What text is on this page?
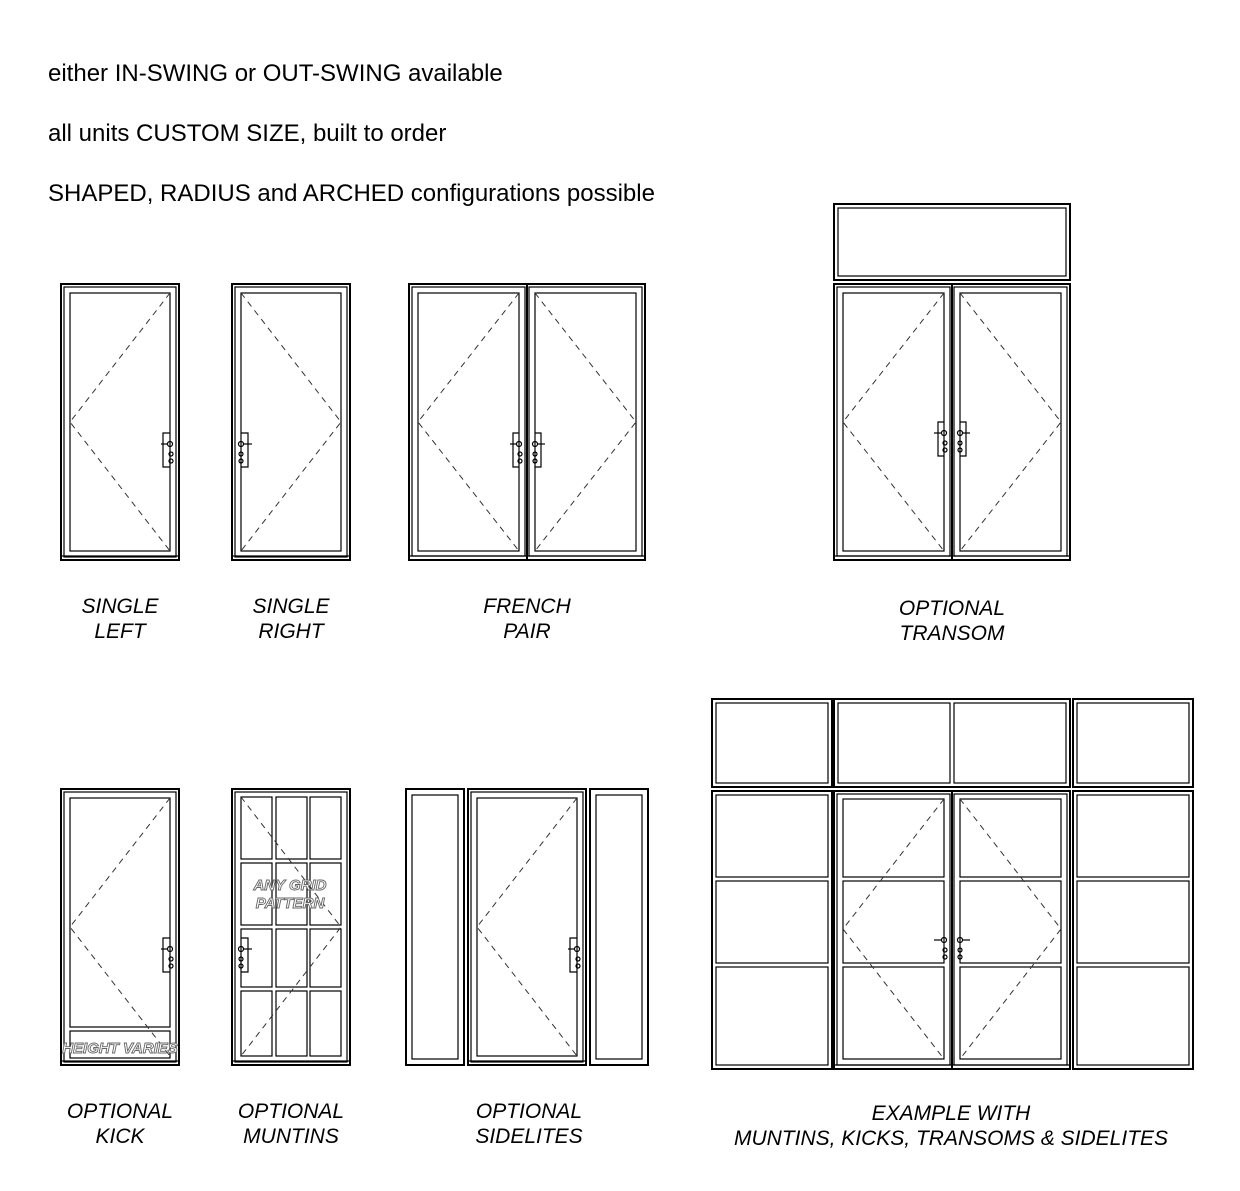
either IN-SWING or OUT-SWING available

all units CUSTOM SIZE, built to order

SHAPED, RADIUS and ARCHED configurations possible

HEIGHT VARIES
ANY GRID
PATTERN
SINGLE
LEFT
SINGLE
RIGHT
FRENCH
PAIR
OPTIONAL
TRANSOM
OPTIONAL
KICK
OPTIONAL
MUNTINS
OPTIONAL
SIDELITES
EXAMPLE WITH
MUNTINS, KICKS, TRANSOMS & SIDELITES
